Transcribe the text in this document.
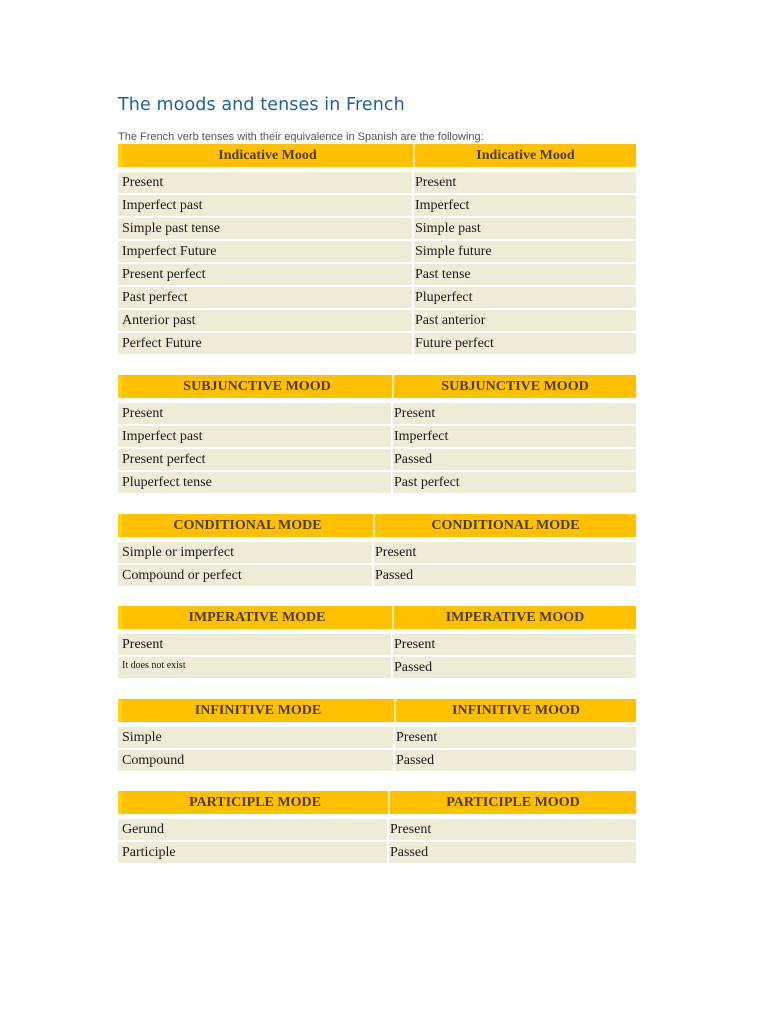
The moods and tenses in French

The French verb tenses with their equivalence in Spanish are the following:

Indicative Mood	Indicative Mood
Present	Present
Imperfect past	Imperfect
Simple past tense	Simple past
Imperfect Future	Simple future
Present perfect	Past tense
Past perfect	Pluperfect
Anterior past	Past anterior
Perfect Future	Future perfect
SUBJUNCTIVE MOOD	SUBJUNCTIVE MOOD
Present	Present
Imperfect past	Imperfect
Present perfect	Passed
Pluperfect tense	Past perfect
CONDITIONAL MODE	CONDITIONAL MODE
Simple or imperfect	Present
Compound or perfect	Passed
IMPERATIVE MODE	IMPERATIVE MOOD
Present	Present
It does not exist	Passed
INFINITIVE MODE	INFINITIVE MOOD
Simple	Present
Compound	Passed
PARTICIPLE MODE	PARTICIPLE MOOD
Gerund	Present
Participle	Passed
